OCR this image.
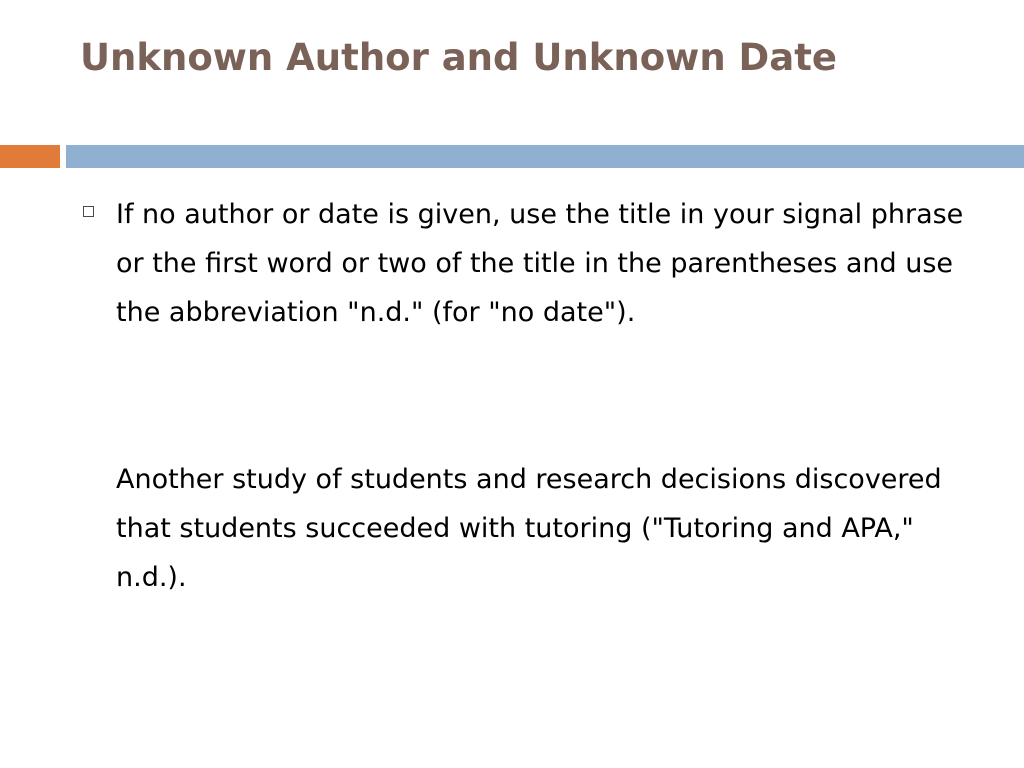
Unknown Author and Unknown Date

If no author or date is given, use the title in your signal phrase or the first word or two of the title in the parentheses and use the abbreviation "n.d." (for "no date").

Another study of students and research decisions discovered that students succeeded with tutoring ("Tutoring and APA," n.d.).
